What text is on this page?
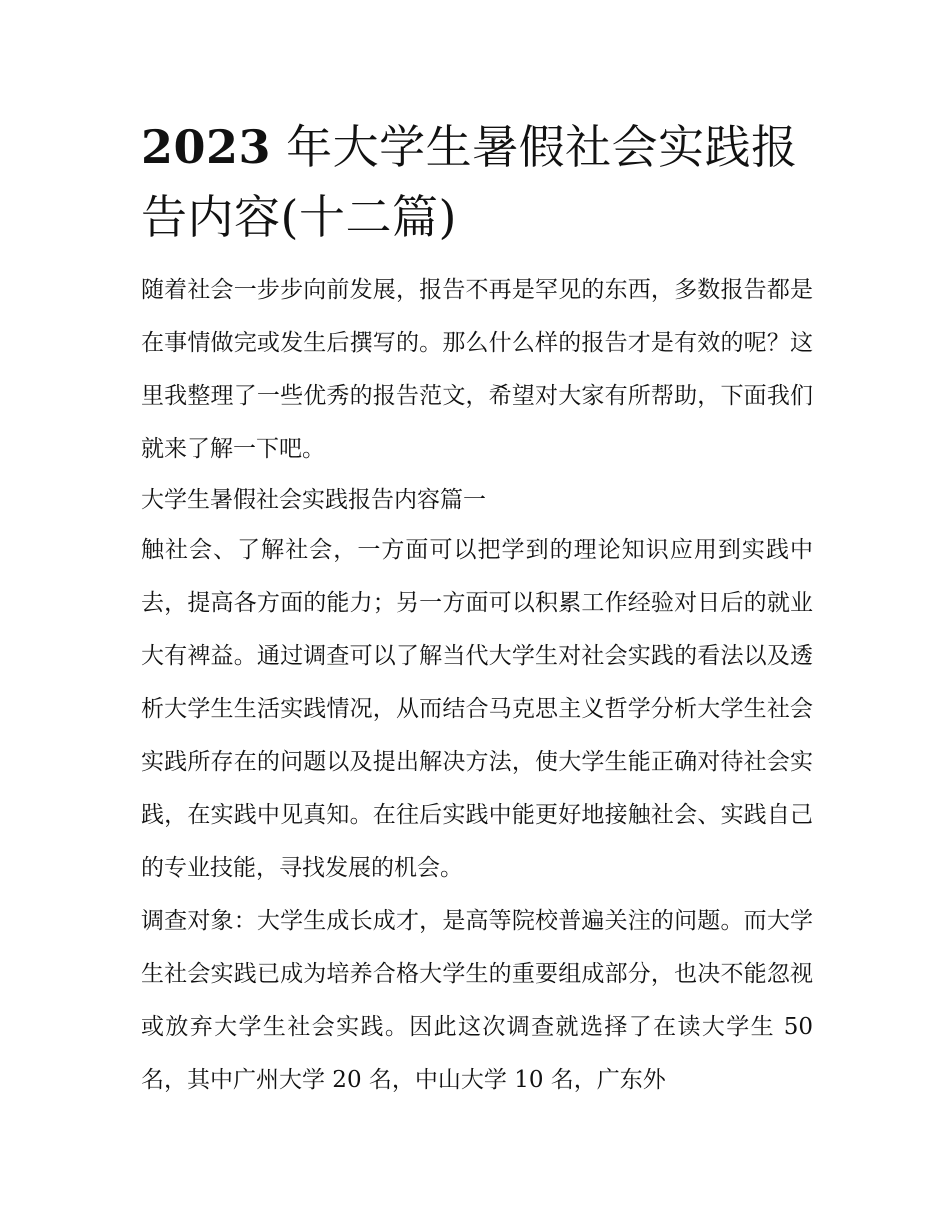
2023 年大学生暑假社会实践报告内容(十二篇)

随着社会一步步向前发展，报告不再是罕见的东西，多数报告都是在事情做完或发生后撰写的。那么什么样的报告才是有效的呢？这里我整理了一些优秀的报告范文，希望对大家有所帮助，下面我们就来了解一下吧。

大学生暑假社会实践报告内容篇一

触社会、了解社会，一方面可以把学到的理论知识应用到实践中去，提高各方面的能力；另一方面可以积累工作经验对日后的就业大有裨益。通过调查可以了解当代大学生对社会实践的看法以及透析大学生生活实践情况，从而结合马克思主义哲学分析大学生社会实践所存在的问题以及提出解决方法，使大学生能正确对待社会实践，在实践中见真知。在往后实践中能更好地接触社会、实践自己的专业技能，寻找发展的机会。

调查对象：大学生成长成才，是高等院校普遍关注的问题。而大学生社会实践已成为培养合格大学生的重要组成部分，也决不能忽视或放弃大学生社会实践。因此这次调查就选择了在读大学生 50 名，其中广州大学 20 名，中山大学 10 名，广东外
